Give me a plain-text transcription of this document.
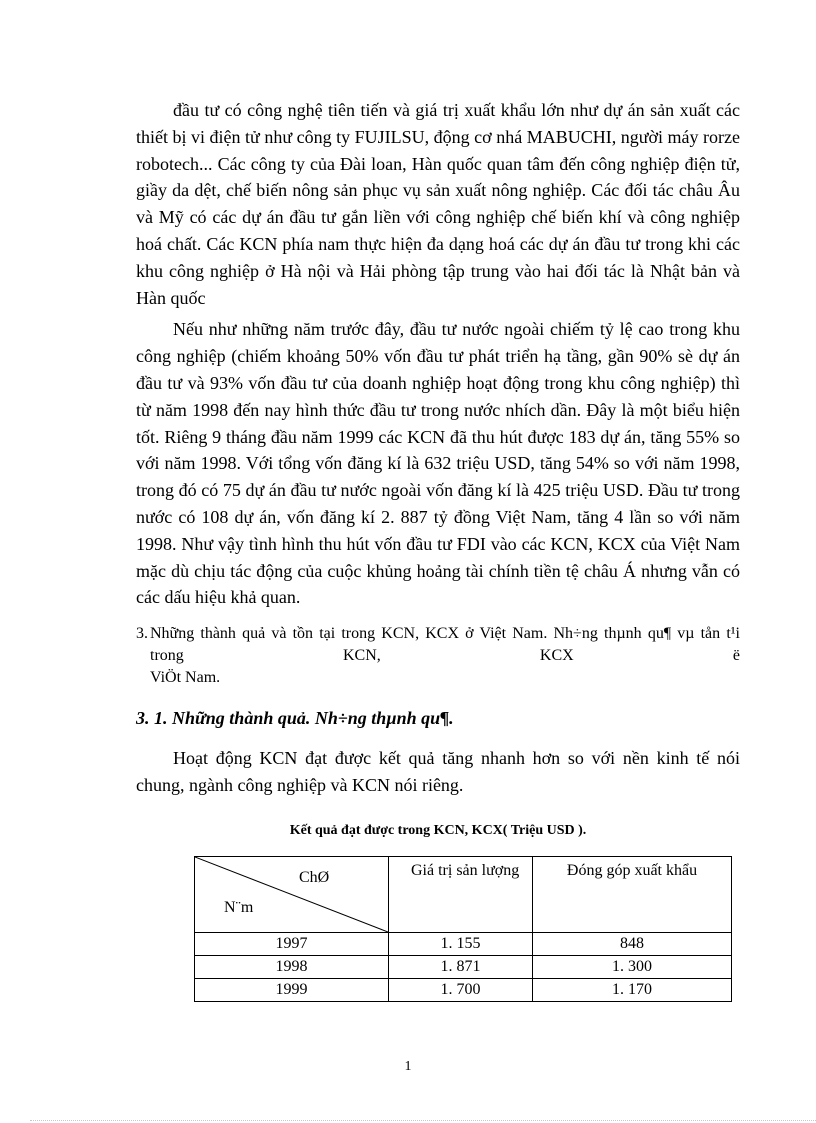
đầu tư có công nghệ tiên tiến và giá trị xuất khẩu lớn như dự án sản xuất các thiết bị vi điện tử như công ty FUJILSU, động cơ nhá MABUCHI, người máy rorze robotech... Các công ty của Đài loan, Hàn quốc quan tâm đến công nghiệp điện tử, giầy da dệt, chế biến nông sản phục vụ sản xuất nông nghiệp. Các đối tác châu Âu và Mỹ có các dự án đầu tư gắn liền với công nghiệp chế biến khí và công nghiệp hoá chất. Các KCN phía nam thực hiện đa dạng hoá các dự án đầu tư trong khi các khu công nghiệp ở Hà nội và Hải phòng tập trung vào hai đối tác là Nhật bản và Hàn quốc

Nếu như những năm trước đây, đầu tư nước ngoài chiếm tỷ lệ cao trong khu công nghiệp (chiếm khoảng 50% vốn đầu tư phát triển hạ tầng, gần 90% sè dự án đầu tư và 93% vốn đầu tư của doanh nghiệp hoạt động trong khu công nghiệp) thì từ năm 1998 đến nay hình thức đầu tư trong nước nhích dần. Đây là một biểu hiện tốt. Riêng 9 tháng đầu năm 1999 các KCN đã thu hút được 183 dự án, tăng 55% so với năm 1998. Với tổng vốn đăng kí là 632 triệu USD, tăng 54% so với năm 1998, trong đó có 75 dự án đầu tư nước ngoài vốn đăng kí là 425 triệu USD. Đầu tư trong nước có 108 dự án, vốn đăng kí 2. 887 tỷ đồng Việt Nam, tăng 4 lần so với năm 1998. Như vậy tình hình thu hút vốn đầu tư FDI vào các KCN, KCX của Việt Nam mặc dù chịu tác động của cuộc khủng hoảng tài chính tiền tệ châu Á nhưng vẫn có các dấu hiệu khả quan.

3. Những thành quả và tồn tại trong KCN, KCX ở Việt Nam. Nh÷ng thµnh qu¶ vµ tån t¹i trong KCN, KCX ë

ViÖt Nam.

3. 1. Những thành quả. Nh÷ng thµnh qu¶.

Hoạt động KCN đạt được kết quả tăng nhanh hơn so với nền kinh tế nói chung, ngành công nghiệp và KCN nói riêng.

Kết quả đạt được trong KCN, KCX( Triệu USD ).

ChØ
N¨m	Giá trị sản lượng	Đóng góp xuất khẩu

1997	1. 155	848
1998	1. 871	1. 300
1999	1. 700	1. 170
1
